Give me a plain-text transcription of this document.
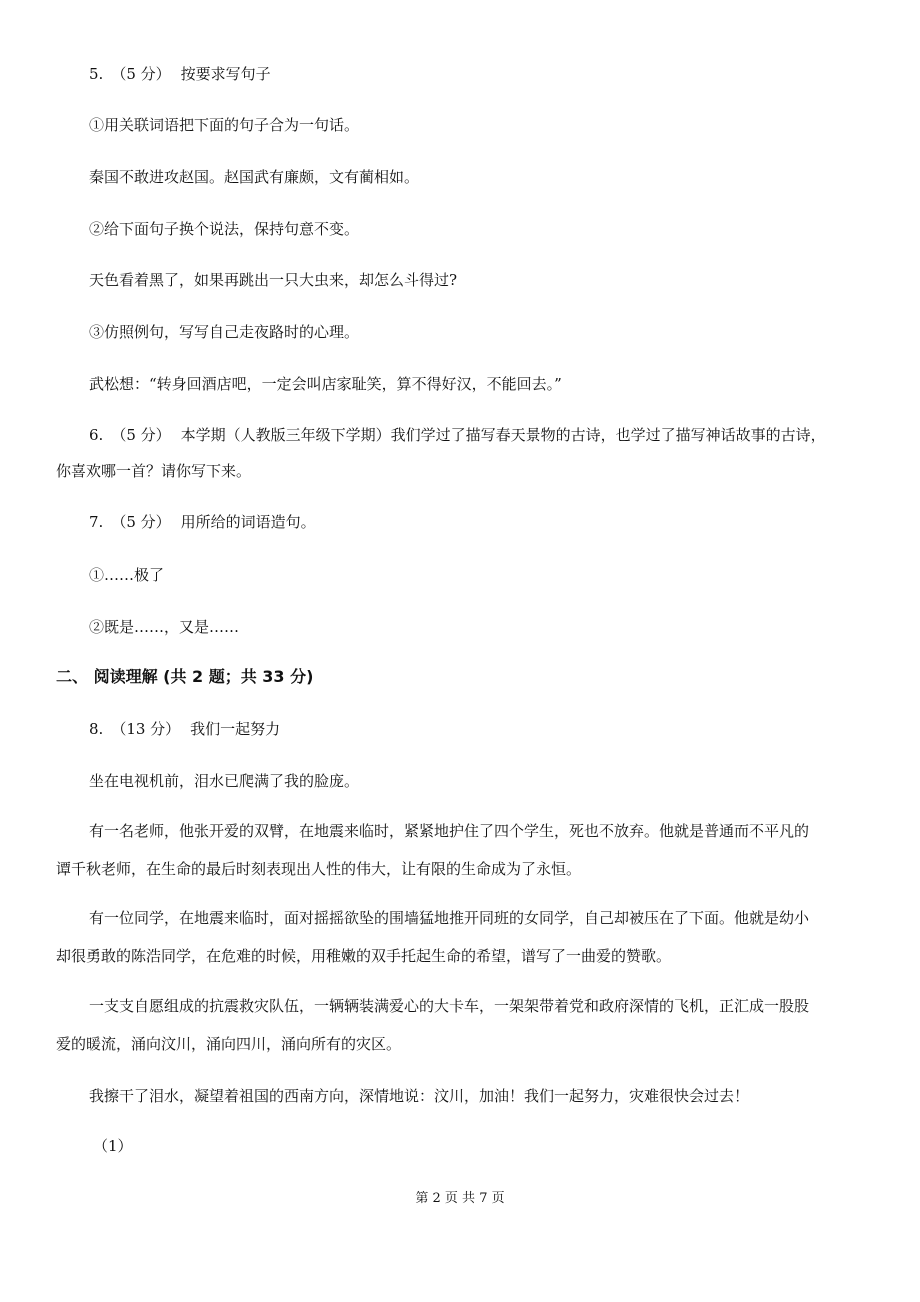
5. （5 分） 按要求写句子
①用关联词语把下面的句子合为一句话。
秦国不敢进攻赵国。赵国武有廉颇，文有蔺相如。
②给下面句子换个说法，保持句意不变。
天色看着黑了，如果再跳出一只大虫来，却怎么斗得过?
③仿照例句，写写自己走夜路时的心理。
武松想：“转身回酒店吧，一定会叫店家耻笑，算不得好汉，不能回去。”
6. （5 分） 本学期（人教版三年级下学期）我们学过了描写春天景物的古诗，也学过了描写神话故事的古诗，
你喜欢哪一首？请你写下来。
7. （5 分） 用所给的词语造句。
①……极了
②既是……，又是……
二、 阅读理解 (共 2 题；共 33 分)
8. （13 分） 我们一起努力
坐在电视机前，泪水已爬满了我的脸庞。
有一名老师，他张开爱的双臂，在地震来临时，紧紧地护住了四个学生，死也不放弃。他就是普通而不平凡的
谭千秋老师，在生命的最后时刻表现出人性的伟大，让有限的生命成为了永恒。
有一位同学，在地震来临时，面对摇摇欲坠的围墙猛地推开同班的女同学，自己却被压在了下面。他就是幼小
却很勇敢的陈浩同学，在危难的时候，用稚嫩的双手托起生命的希望，谱写了一曲爱的赞歌。
一支支自愿组成的抗震救灾队伍，一辆辆装满爱心的大卡车，一架架带着党和政府深情的飞机，正汇成一股股
爱的暖流，涌向汶川，涌向四川，涌向所有的灾区。
我擦干了泪水，凝望着祖国的西南方向，深情地说：汶川，加油！我们一起努力，灾难很快会过去！
（1）
第 2 页 共 7 页
